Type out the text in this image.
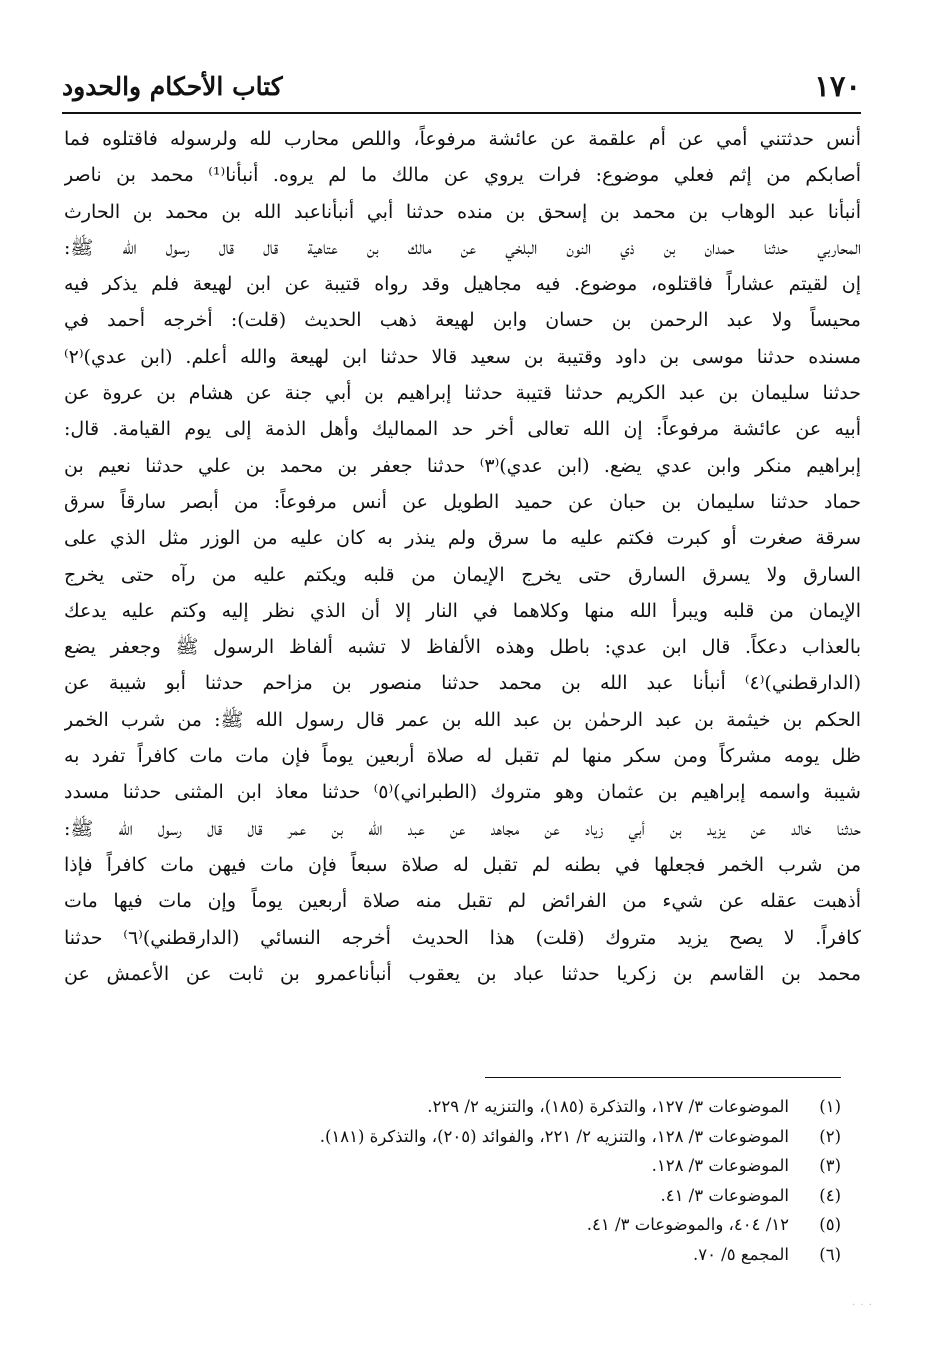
١٧٠
كتاب الأحكام والحدود
أنس حدثتني أمي عن أم علقمة عن عائشة مرفوعاً، واللص محارب لله ولرسوله فاقتلوه فما
أصابكم من إثم فعلي موضوع: فرات يروي عن مالك ما لم يروه. أنبأنا⁽¹⁾ محمد بن ناصر
أنبأنا عبد الوهاب بن محمد بن إسحق بن منده حدثنا أبي أنبأناعبد الله بن محمد بن الحارث
المحاربي حدثنا حمدان بن ذي النون البلخي عن مالك بن عتاهية قال قال رسول الله ﷺ:
إن لقيتم عشاراً فاقتلوه، موضوع. فيه مجاهيل وقد رواه قتيبة عن ابن لهيعة فلم يذكر فيه
محيساً ولا عبد الرحمن بن حسان وابن لهيعة ذهب الحديث (قلت): أخرجه أحمد في
مسنده حدثنا موسى بن داود وقتيبة بن سعيد قالا حدثنا ابن لهيعة والله أعلم. (ابن عدي)⁽٢⁾
حدثنا سليمان بن عبد الكريم حدثنا قتيبة حدثنا إبراهيم بن أبي جنة عن هشام بن عروة عن
أبيه عن عائشة مرفوعاً: إن الله تعالى أخر حد المماليك وأهل الذمة إلى يوم القيامة. قال:
إبراهيم منكر وابن عدي يضع. (ابن عدي)⁽٣⁾ حدثنا جعفر بن محمد بن علي حدثنا نعيم بن
حماد حدثنا سليمان بن حبان عن حميد الطويل عن أنس مرفوعاً: من أبصر سارقاً سرق
سرقة صغرت أو كبرت فكتم عليه ما سرق ولم ينذر به كان عليه من الوزر مثل الذي على
السارق ولا يسرق السارق حتى يخرج الإيمان من قلبه ويكتم عليه من رآه حتى يخرج
الإيمان من قلبه ويبرأ الله منها وكلاهما في النار إلا أن الذي نظر إليه وكتم عليه يدعك
بالعذاب دعكاً. قال ابن عدي: باطل وهذه الألفاظ لا تشبه ألفاظ الرسول ﷺ وجعفر يضع
(الدارقطني)⁽٤⁾ أنبأنا عبد الله بن محمد حدثنا منصور بن مزاحم حدثنا أبو شيبة عن
الحكم بن خيثمة بن عبد الرحمٰن بن عبد الله بن عمر قال رسول الله ﷺ: من شرب الخمر
ظل يومه مشركاً ومن سكر منها لم تقبل له صلاة أربعين يوماً فإن مات مات كافراً تفرد به
شيبة واسمه إبراهيم بن عثمان وهو متروك (الطبراني)⁽٥⁾ حدثنا معاذ ابن المثنى حدثنا مسدد
حدثنا خالد عن يزيد بن أبي زياد عن مجاهد عن عبد الله بن عمر قال قال رسول الله ﷺ:
من شرب الخمر فجعلها في بطنه لم تقبل له صلاة سبعاً فإن مات فيهن مات كافراً فإذا
أذهبت عقله عن شيء من الفرائض لم تقبل منه صلاة أربعين يوماً وإن مات فيها مات
كافراً. لا يصح يزيد متروك (قلت) هذا الحديث أخرجه النسائي (الدارقطني)⁽٦⁾ حدثنا
محمد بن القاسم بن زكريا حدثنا عباد بن يعقوب أنبأناعمرو بن ثابت عن الأعمش عن
(١)
الموضوعات ٣/ ١٢٧، والتذكرة (١٨٥)، والتنزيه ٢/ ٢٢٩.
(٢)
الموضوعات ٣/ ١٢٨، والتنزيه ٢/ ٢٢١، والفوائد (٢٠٥)، والتذكرة (١٨١).
(٣)
الموضوعات ٣/ ١٢٨.
(٤)
الموضوعات ٣/ ٤١.
(٥)
١٢/ ٤٠٤، والموضوعات ٣/ ٤١.
(٦)
المجمع ٥/ ٧٠.
· · ·
